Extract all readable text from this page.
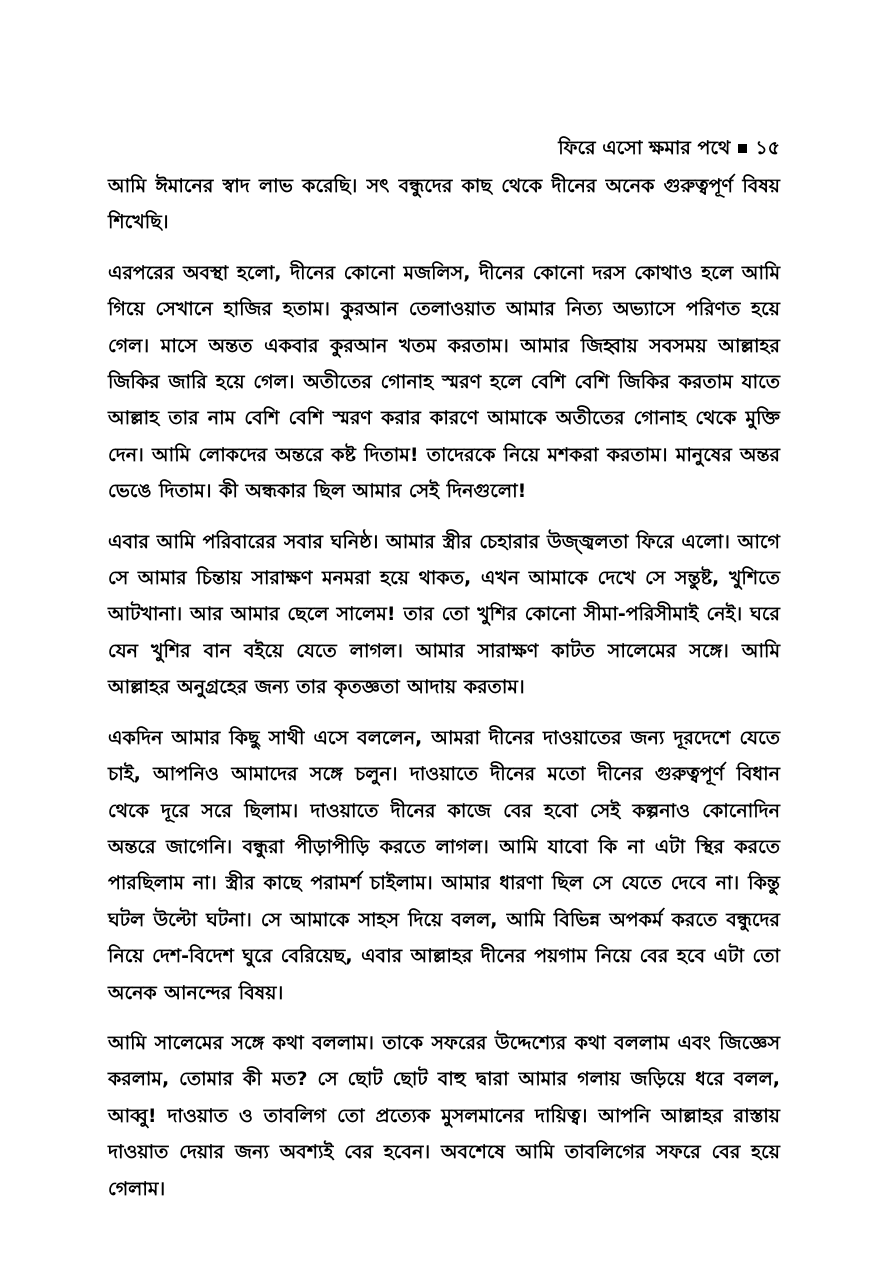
ফিরে এসো ক্ষমার পথে ১৫

আমি ঈমানের স্বাদ লাভ করেছি। সৎ বন্ধুদের কাছ থেকে দীনের অনেক গুরুত্বপূর্ণ বিষয় শিখেছি।

এরপরের অবস্থা হলো, দীনের কোনো মজলিস, দীনের কোনো দরস কোথাও হলে আমি গিয়ে সেখানে হাজির হতাম। কুরআন তেলাওয়াত আমার নিত্য অভ্যাসে পরিণত হয়ে গেল। মাসে অন্তত একবার কুরআন খতম করতাম। আমার জিহ্বায় সবসময় আল্লাহর জিকির জারি হয়ে গেল। অতীতের গোনাহ স্মরণ হলে বেশি বেশি জিকির করতাম যাতে আল্লাহ তার নাম বেশি বেশি স্মরণ করার কারণে আমাকে অতীতের গোনাহ থেকে মুক্তি দেন। আমি লোকদের অন্তরে কষ্ট দিতাম! তাদেরকে নিয়ে মশকরা করতাম। মানুষের অন্তর ভেঙে দিতাম। কী অন্ধকার ছিল আমার সেই দিনগুলো!

এবার আমি পরিবারের সবার ঘনিষ্ঠ। আমার স্ত্রীর চেহারার উজ্জ্বলতা ফিরে এলো। আগে সে আমার চিন্তায় সারাক্ষণ মনমরা হয়ে থাকত, এখন আমাকে দেখে সে সন্তুষ্ট, খুশিতে আটখানা। আর আমার ছেলে সালেম! তার তো খুশির কোনো সীমা-পরিসীমাই নেই। ঘরে যেন খুশির বান বইয়ে যেতে লাগল। আমার সারাক্ষণ কাটত সালেমের সঙ্গে। আমি আল্লাহর অনুগ্রহের জন্য তার কৃতজ্ঞতা আদায় করতাম।

একদিন আমার কিছু সাথী এসে বললেন, আমরা দীনের দাওয়াতের জন্য দূরদেশে যেতে চাই, আপনিও আমাদের সঙ্গে চলুন। দাওয়াতে দীনের মতো দীনের গুরুত্বপূর্ণ বিধান থেকে দূরে সরে ছিলাম। দাওয়াতে দীনের কাজে বের হবো সেই কল্পনাও কোনোদিন অন্তরে জাগেনি। বন্ধুরা পীড়াপীড়ি করতে লাগল। আমি যাবো কি না এটা স্থির করতে পারছিলাম না। স্ত্রীর কাছে পরামর্শ চাইলাম। আমার ধারণা ছিল সে যেতে দেবে না। কিন্তু ঘটল উল্টো ঘটনা। সে আমাকে সাহস দিয়ে বলল, আমি বিভিন্ন অপকর্ম করতে বন্ধুদের নিয়ে দেশ-বিদেশ ঘুরে বেরিয়েছ, এবার আল্লাহর দীনের পয়গাম নিয়ে বের হবে এটা তো অনেক আনন্দের বিষয়।

আমি সালেমের সঙ্গে কথা বললাম। তাকে সফরের উদ্দেশ্যের কথা বললাম এবং জিজ্ঞেস করলাম, তোমার কী মত? সে ছোট ছোট বাহু দ্বারা আমার গলায় জড়িয়ে ধরে বলল, আব্বু! দাওয়াত ও তাবলিগ তো প্রত্যেক মুসলমানের দায়িত্ব। আপনি আল্লাহর রাস্তায় দাওয়াত দেয়ার জন্য অবশ্যই বের হবেন। অবশেষে আমি তাবলিগের সফরে বের হয়ে গেলাম।
